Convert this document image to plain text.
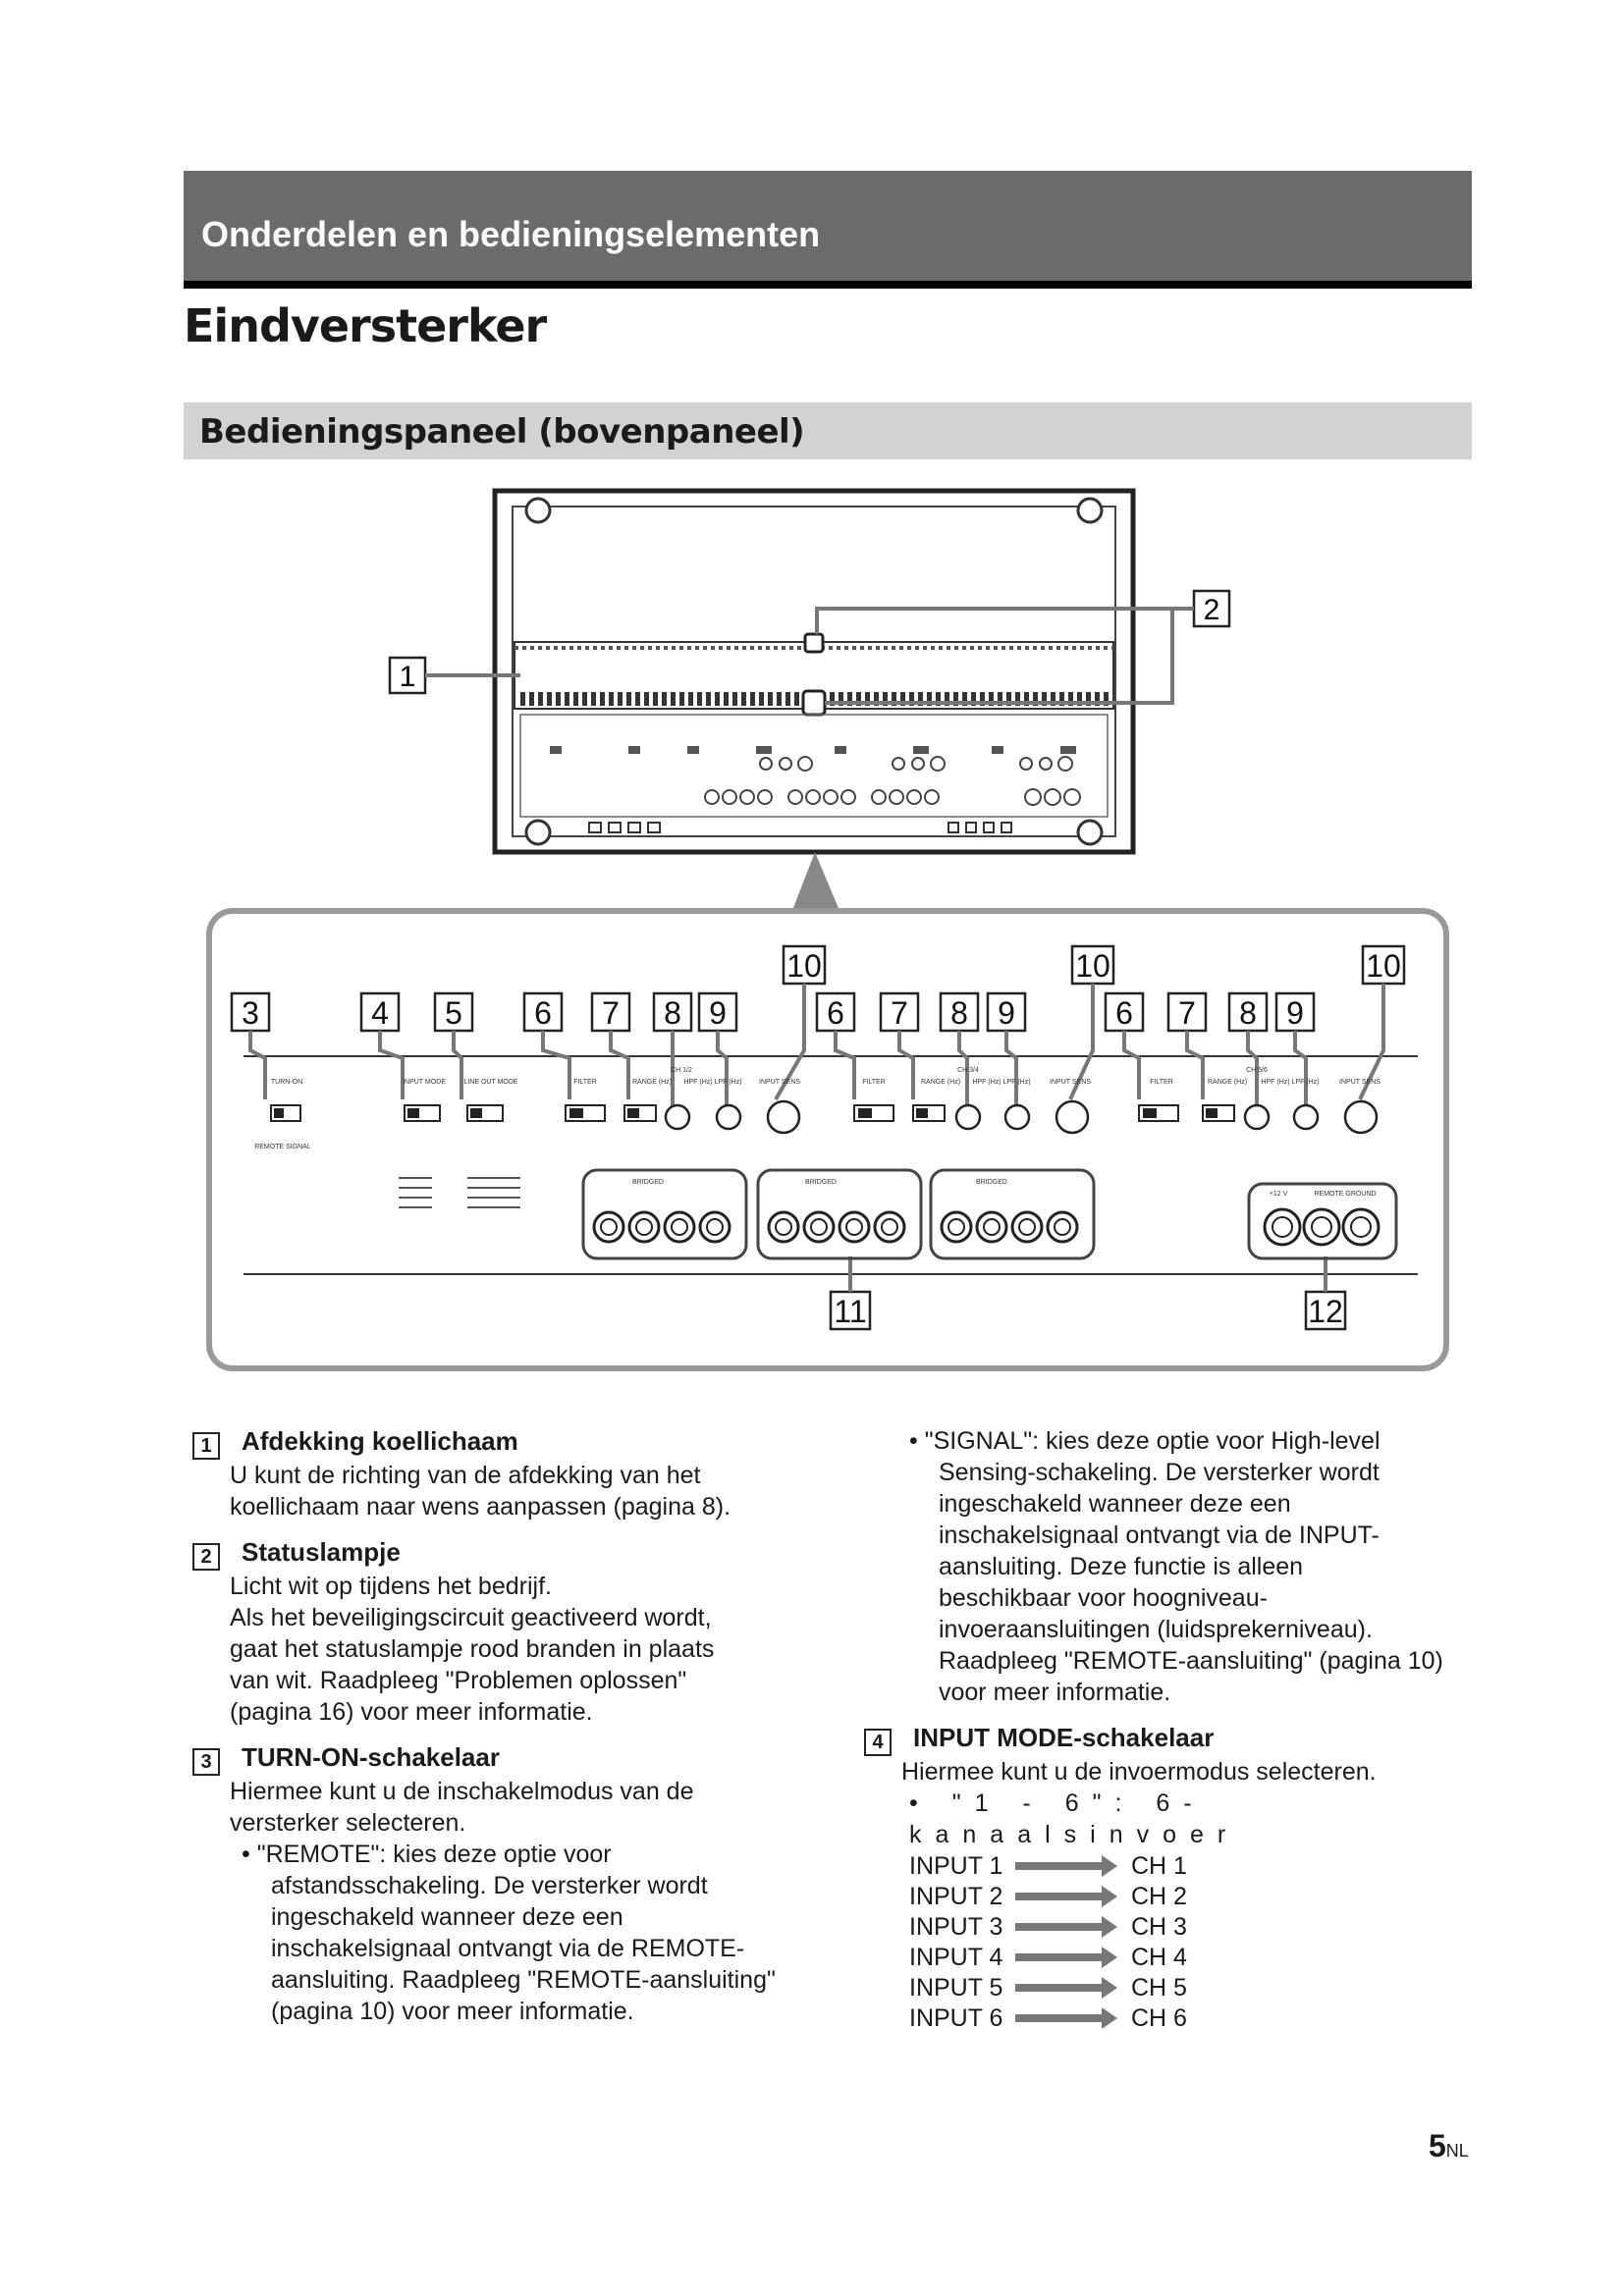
Onderdelen en bedieningselementen
Eindversterker
Bedieningspaneel (bovenpaneel)
1
2
3	4 5 6 7 8 9
10
6 7 8 9
10
6 7 8 9
10
11	12
TURN-ON
REMOTE SIGNAL
INPUT MODE	LINE OUT MODE	FILTER	RANGE (Hz) HPF (Hz) LPF (Hz)	INPUT SENS
CH 1/2
FILTER	RANGE (Hz) HPF (Hz) LPF (Hz)	INPUT SENS
CH 3/4
FILTER	RANGE (Hz) HPF (Hz) LPF (Hz)	INPUT SENS
CH 5/6
BRIDGED	BRIDGED	BRIDGED
+12 V	REMOTE GROUND
1 Afdekking koellichaam
U kunt de richting van de afdekking van het
koellichaam naar wens aanpassen (pagina 8).
2 Statuslampje
Licht wit op tijdens het bedrijf.
Als het beveiligingscircuit geactiveerd wordt,
gaat het statuslampje rood branden in plaats
van wit. Raadpleeg "Problemen oplossen"
(pagina 16) voor meer informatie.
3 TURN-ON-schakelaar
Hiermee kunt u de inschakelmodus van de
versterker selecteren.
• "REMOTE": kies deze optie voor
afstandsschakeling. De versterker wordt
ingeschakeld wanneer deze een
inschakelsignaal ontvangt via de REMOTE-
aansluiting. Raadpleeg "REMOTE-aansluiting"
(pagina 10) voor meer informatie.
• "SIGNAL": kies deze optie voor High-level
Sensing-schakeling. De versterker wordt
ingeschakeld wanneer deze een
inschakelsignaal ontvangt via de INPUT-
aansluiting. Deze functie is alleen
beschikbaar voor hoogniveau-
invoeraansluitingen (luidsprekerniveau).
Raadpleeg "REMOTE-aansluiting" (pagina 10)
voor meer informatie.
4 INPUT MODE-schakelaar
Hiermee kunt u de invoermodus selecteren.
• "1 - 6": 6-kanaalsinvoer
INPUT 1	CH 1
INPUT 2	CH 2
INPUT 3	CH 3
INPUT 4	CH 4
INPUT 5	CH 5
INPUT 6	CH 6
5NL
